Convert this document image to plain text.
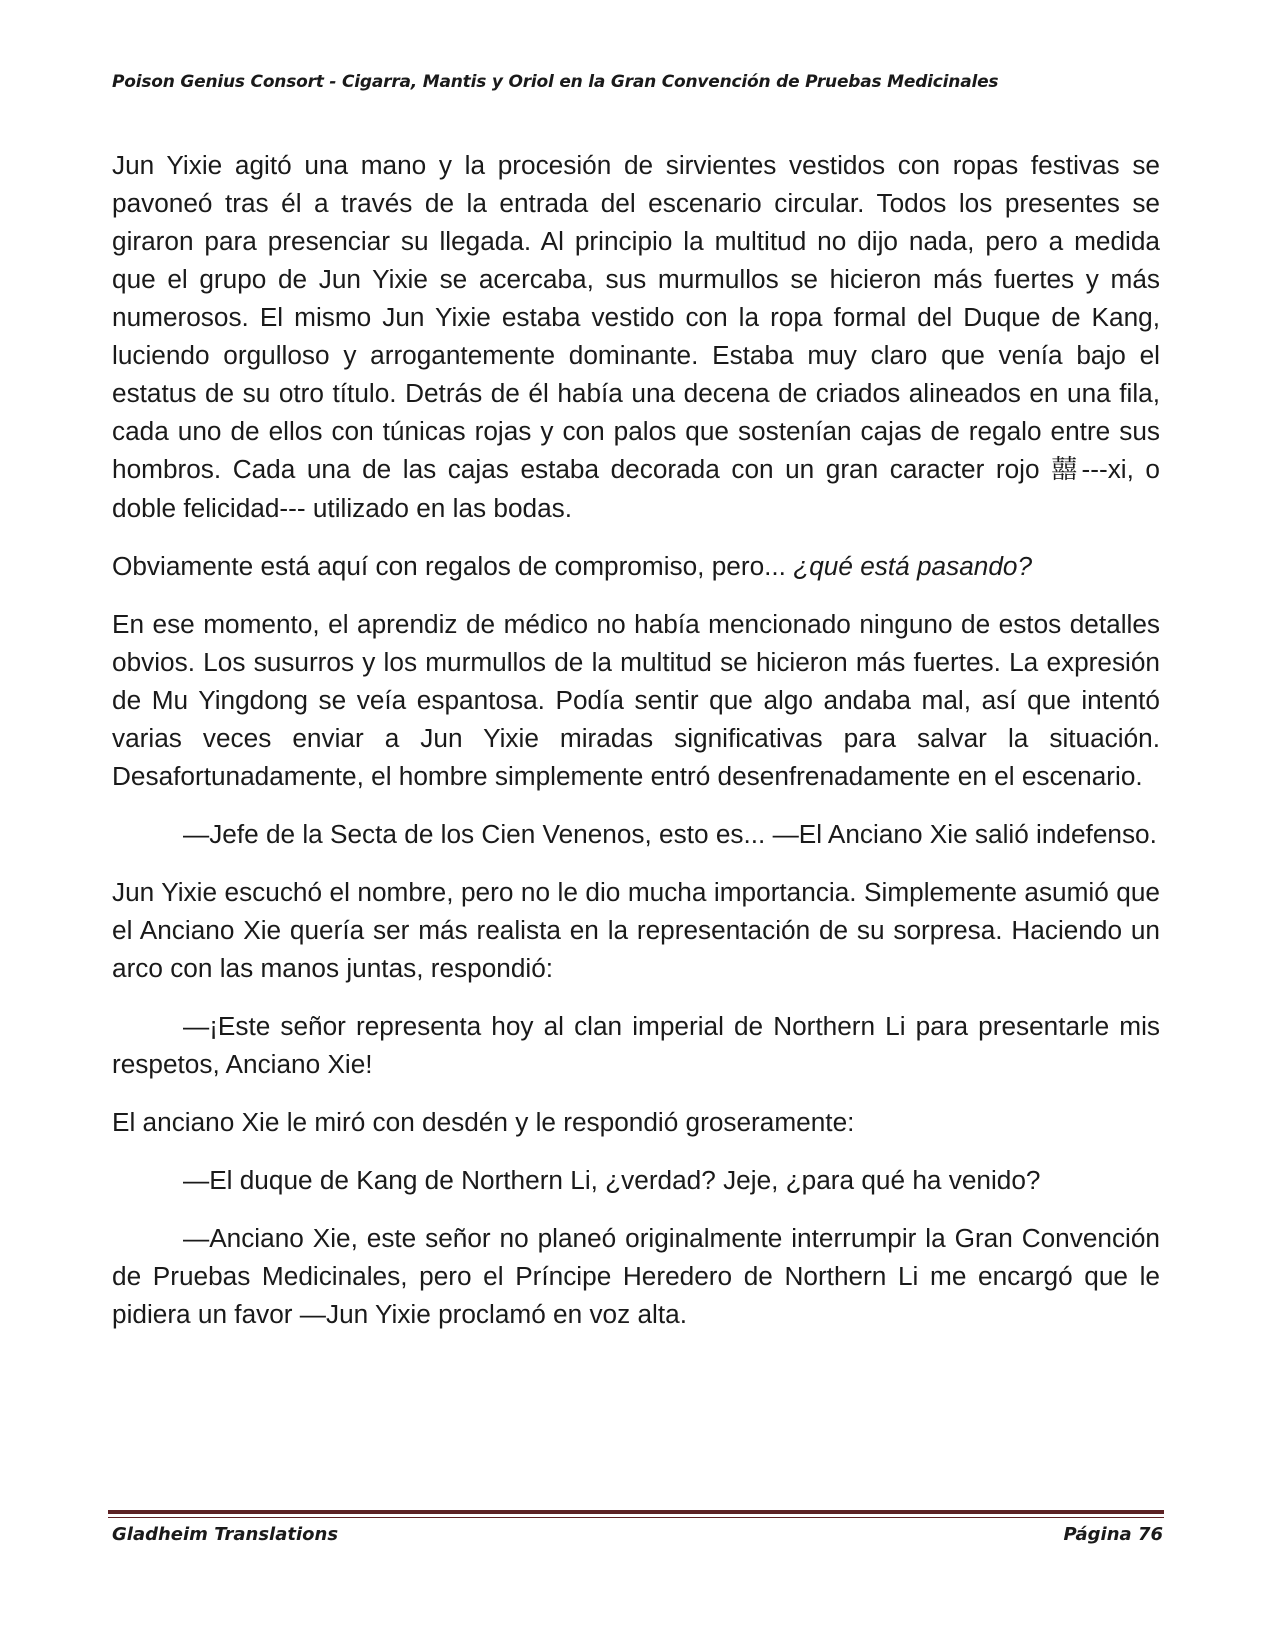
Poison Genius Consort - Cigarra, Mantis y Oriol en la Gran Convención de Pruebas Medicinales

Jun Yixie agitó una mano y la procesión de sirvientes vestidos con ropas festivas se pavoneó tras él a través de la entrada del escenario circular. Todos los presentes se giraron para presenciar su llegada. Al principio la multitud no dijo nada, pero a medida que el grupo de Jun Yixie se acercaba, sus murmullos se hicieron más fuertes y más numerosos. El mismo Jun Yixie estaba vestido con la ropa formal del Duque de Kang, luciendo orgulloso y arrogantemente dominante. Estaba muy claro que venía bajo el estatus de su otro título. Detrás de él había una decena de criados alineados en una fila, cada uno de ellos con túnicas rojas y con palos que sostenían cajas de regalo entre sus hombros. Cada una de las cajas estaba decorada con un gran caracter rojo 囍---xi, o doble felicidad--- utilizado en las bodas.

Obviamente está aquí con regalos de compromiso, pero... ¿qué está pasando?

En ese momento, el aprendiz de médico no había mencionado ninguno de estos detalles obvios. Los susurros y los murmullos de la multitud se hicieron más fuertes. La expresión de Mu Yingdong se veía espantosa. Podía sentir que algo andaba mal, así que intentó varias veces enviar a Jun Yixie miradas significativas para salvar la situación. Desafortunadamente, el hombre simplemente entró desenfrenadamente en el escenario.

—Jefe de la Secta de los Cien Venenos, esto es... —El Anciano Xie salió indefenso.

Jun Yixie escuchó el nombre, pero no le dio mucha importancia. Simplemente asumió que el Anciano Xie quería ser más realista en la representación de su sorpresa. Haciendo un arco con las manos juntas, respondió:

—¡Este señor representa hoy al clan imperial de Northern Li para presentarle mis respetos, Anciano Xie!

El anciano Xie le miró con desdén y le respondió groseramente:

—El duque de Kang de Northern Li, ¿verdad? Jeje, ¿para qué ha venido?

—Anciano Xie, este señor no planeó originalmente interrumpir la Gran Convención de Pruebas Medicinales, pero el Príncipe Heredero de Northern Li me encargó que le pidiera un favor —Jun Yixie proclamó en voz alta.

Gladheim Translations	Página 76
